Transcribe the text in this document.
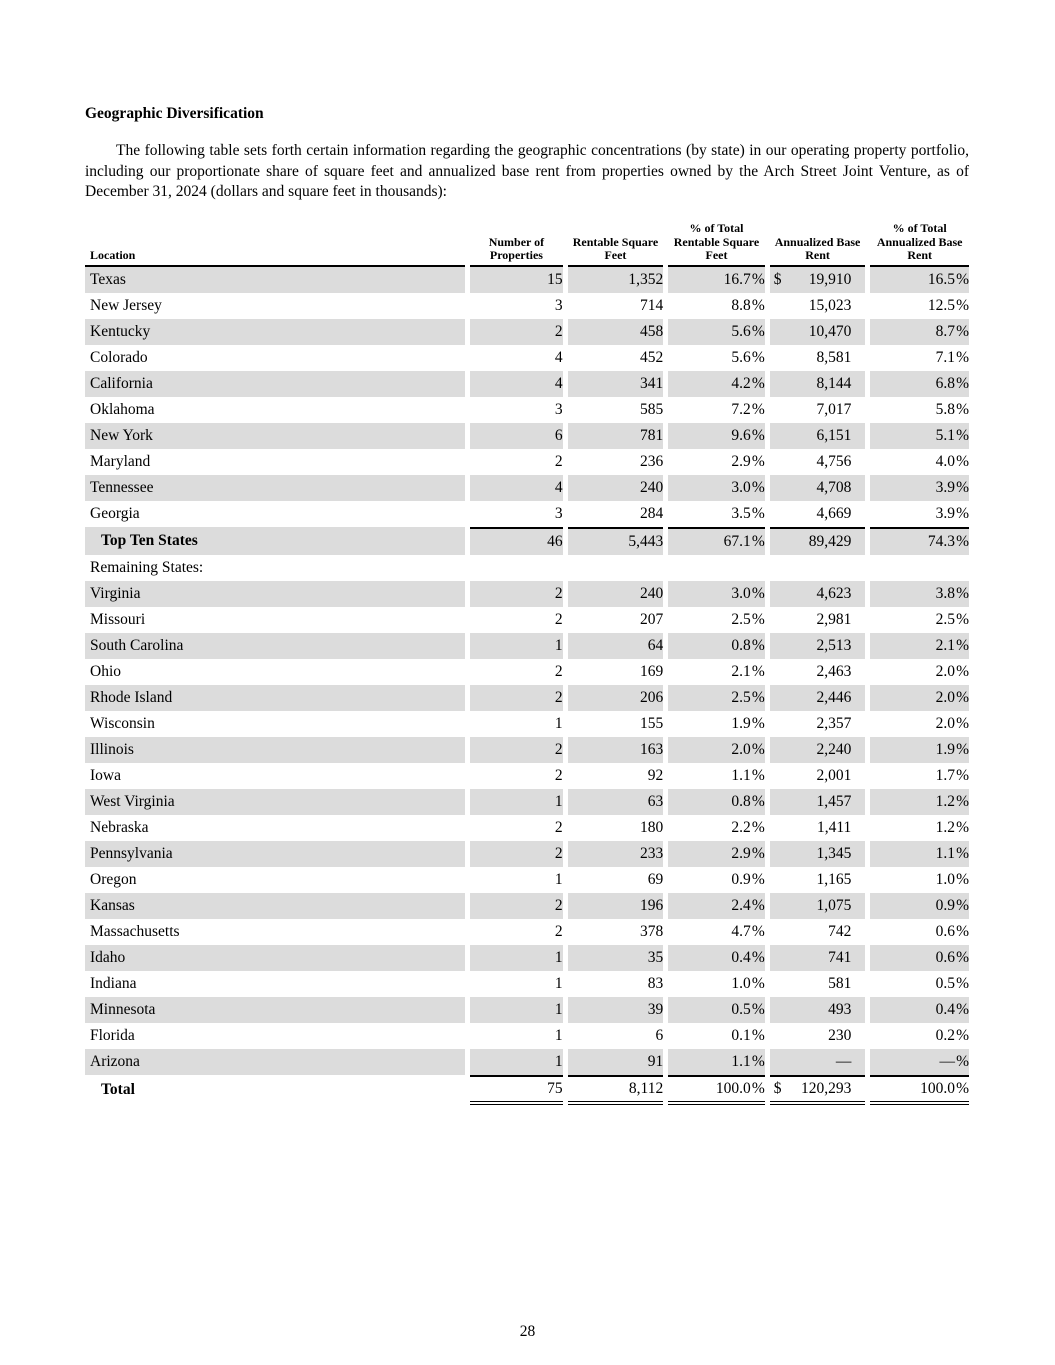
Geographic Diversification
The following table sets forth certain information regarding the geographic concentrations (by state) in our operating property portfolio, including our proportionate share of square feet and annualized base rent from properties owned by the Arch Street Joint Venture, as of December 31, 2024 (dollars and square feet in thousands):
Location		Number of Properties		Rentable Square Feet		% of Total Rentable Square Feet		Annualized Base Rent		% of Total Annualized Base Rent
Texas		15		1,352		16.7%		$ 19,910		16.5%
New Jersey		3		714		8.8%		15,023		12.5%
Kentucky		2		458		5.6%		10,470		8.7%
Colorado		4		452		5.6%		8,581		7.1%
California		4		341		4.2%		8,144		6.8%
Oklahoma		3		585		7.2%		7,017		5.8%
New York		6		781		9.6%		6,151		5.1%
Maryland		2		236		2.9%		4,756		4.0%
Tennessee		4		240		3.0%		4,708		3.9%
Georgia		3		284		3.5%		4,669		3.9%
Top Ten States		46		5,443		67.1%		89,429		74.3%
Remaining States:										
Virginia		2		240		3.0%		4,623		3.8%
Missouri		2		207		2.5%		2,981		2.5%
South Carolina		1		64		0.8%		2,513		2.1%
Ohio		2		169		2.1%		2,463		2.0%
Rhode Island		2		206		2.5%		2,446		2.0%
Wisconsin		1		155		1.9%		2,357		2.0%
Illinois		2		163		2.0%		2,240		1.9%
Iowa		2		92		1.1%		2,001		1.7%
West Virginia		1		63		0.8%		1,457		1.2%
Nebraska		2		180		2.2%		1,411		1.2%
Pennsylvania		2		233		2.9%		1,345		1.1%
Oregon		1		69		0.9%		1,165		1.0%
Kansas		2		196		2.4%		1,075		0.9%
Massachusetts		2		378		4.7%		742		0.6%
Idaho		1		35		0.4%		741		0.6%
Indiana		1		83		1.0%		581		0.5%
Minnesota		1		39		0.5%		493		0.4%
Florida		1		6		0.1%		230		0.2%
Arizona		1		91		1.1%		—		—%
Total		75		8,112		100.0%		$ 120,293		100.0%
28
